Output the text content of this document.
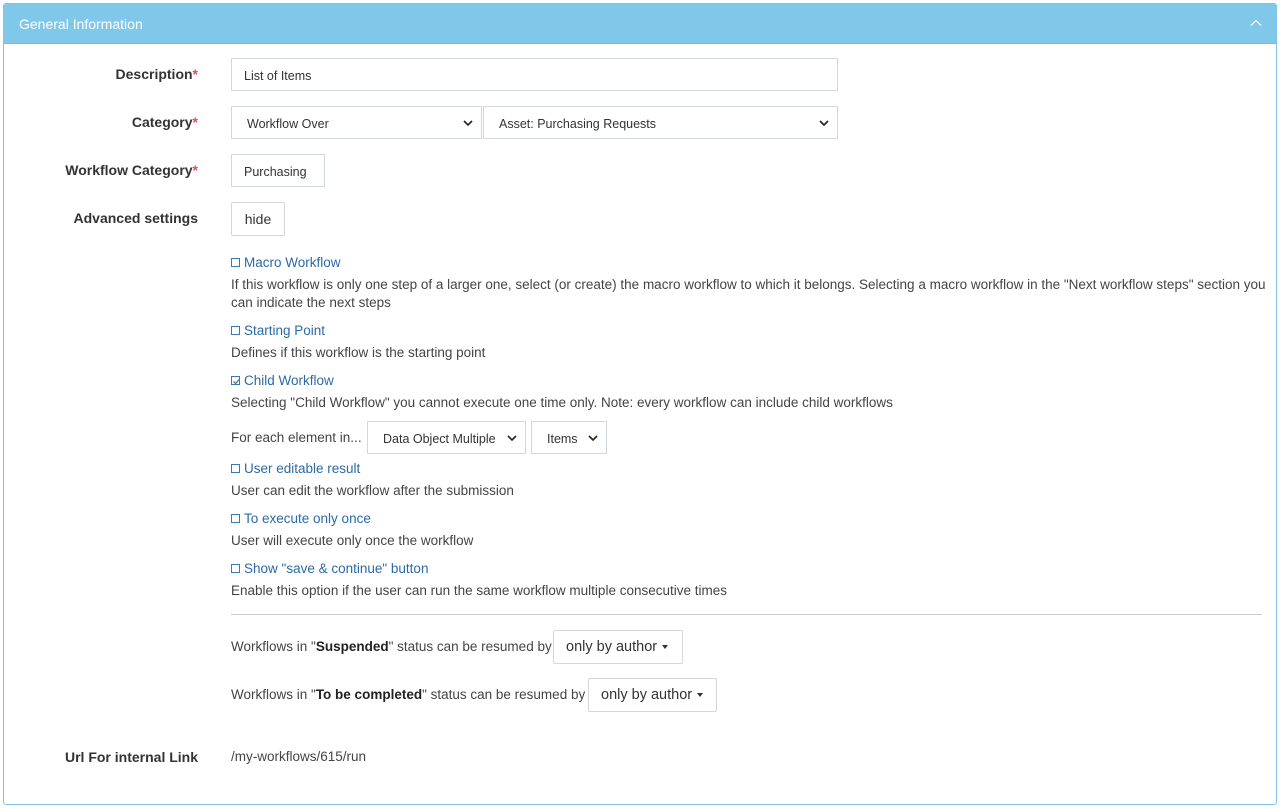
General Information
Description*	List of Items
Category*	Workflow Over	Asset: Purchasing Requests
Workflow Category*	Purchasing
Advanced settings	hide
Macro Workflow
If this workflow is only one step of a larger one, select (or create) the macro workflow to which it belongs. Selecting a macro workflow in the "Next workflow steps" section you
can indicate the next steps
Starting Point
Defines if this workflow is the starting point
Child Workflow
Selecting "Child Workflow" you cannot execute one time only. Note: every workflow can include child workflows
For each element in... Data Object Multiple	Items
User editable result
User can edit the workflow after the submission
To execute only once
User will execute only once the workflow
Show "save & continue" button
Enable this option if the user can run the same workflow multiple consecutive times
Workflows in "Suspended" status can be resumed by only by author
Workflows in "To be completed" status can be resumed by	only by author
Url For internal Link /my-workflows/615/run
